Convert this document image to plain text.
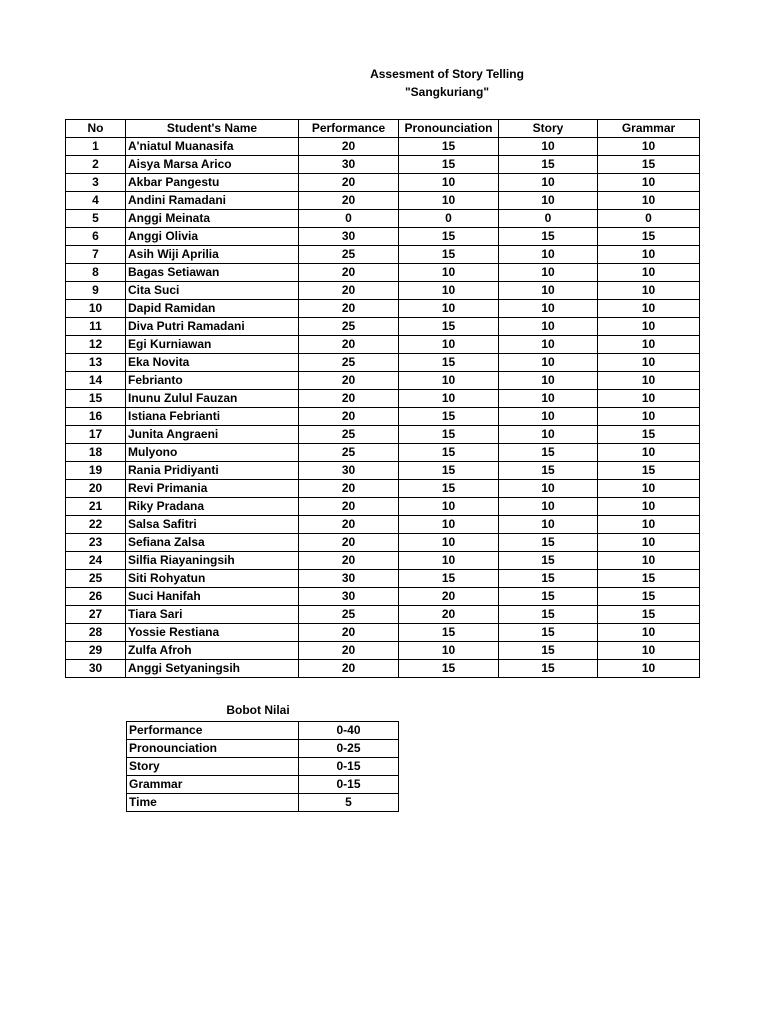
Assesment of Story Telling
"Sangkuriang"
No	Student's Name	Performance	Pronounciation	Story	Grammar
1	A'niatul Muanasifa	20	15	10	10
2	Aisya Marsa Arico	30	15	15	15
3	Akbar Pangestu	20	10	10	10
4	Andini Ramadani	20	10	10	10
5	Anggi Meinata	0	0	0	0
6	Anggi Olivia	30	15	15	15
7	Asih Wiji Aprilia	25	15	10	10
8	Bagas Setiawan	20	10	10	10
9	Cita Suci	20	10	10	10
10	Dapid Ramidan	20	10	10	10
11	Diva Putri Ramadani	25	15	10	10
12	Egi Kurniawan	20	10	10	10
13	Eka Novita	25	15	10	10
14	Febrianto	20	10	10	10
15	Inunu Zulul Fauzan	20	10	10	10
16	Istiana Febrianti	20	15	10	10
17	Junita Angraeni	25	15	10	15
18	Mulyono	25	15	15	10
19	Rania Pridiyanti	30	15	15	15
20	Revi Primania	20	15	10	10
21	Riky Pradana	20	10	10	10
22	Salsa Safitri	20	10	10	10
23	Sefiana Zalsa	20	10	15	10
24	Silfia Riayaningsih	20	10	15	10
25	Siti Rohyatun	30	15	15	15
26	Suci Hanifah	30	20	15	15
27	Tiara Sari	25	20	15	15
28	Yossie Restiana	20	15	15	10
29	Zulfa Afroh	20	10	15	10
30	Anggi Setyaningsih	20	15	15	10
Bobot Nilai
Performance	0-40
Pronounciation	0-25
Story	0-15
Grammar	0-15
Time	5
